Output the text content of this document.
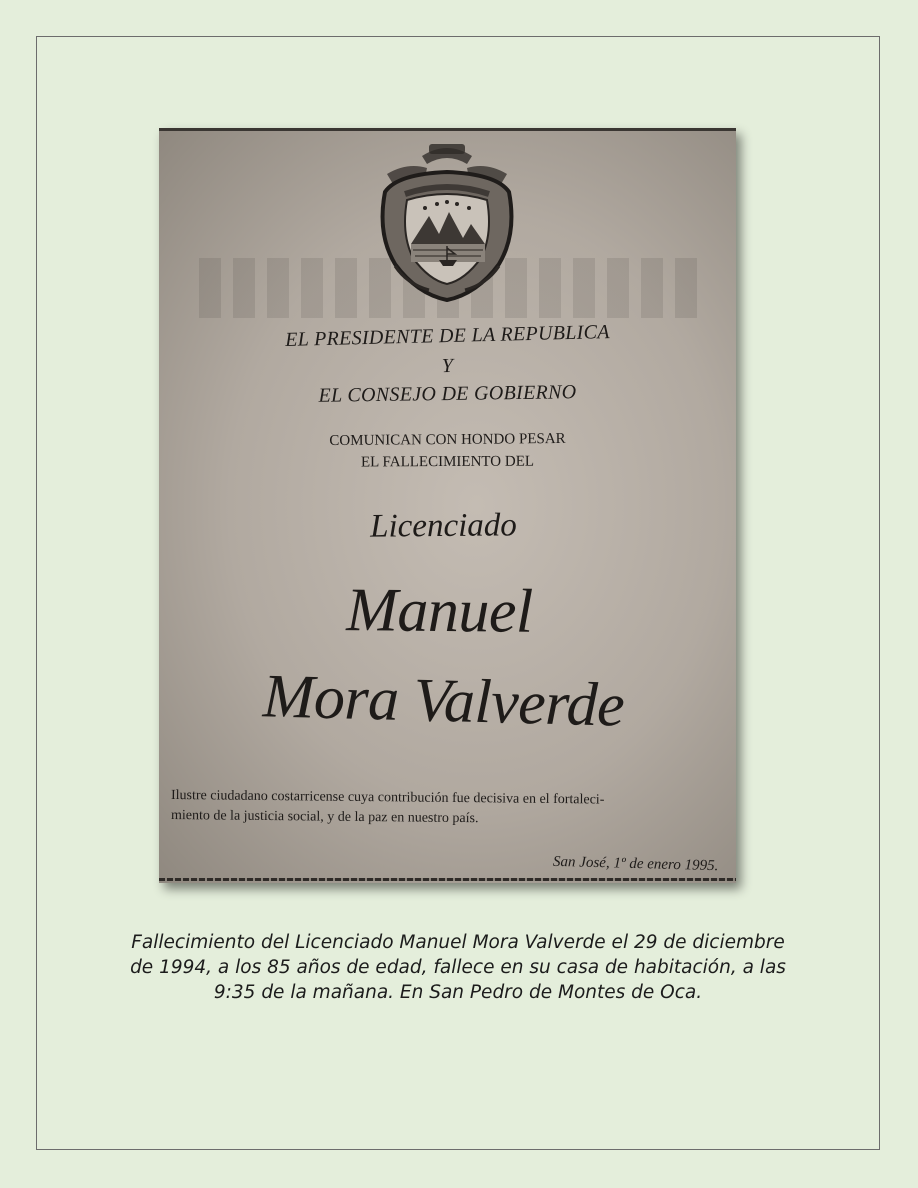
EL PRESIDENTE DE LA REPUBLICA
Y
EL CONSEJO DE GOBIERNO
COMUNICAN CON HONDO PESAR
EL FALLECIMIENTO DEL
Licenciado
Manuel
Mora Valverde
Ilustre ciudadano costarricense cuya contribución fue decisiva en el fortaleci-
miento de la justicia social, y de la paz en nuestro país.
San José, 1º de enero 1995.
Fallecimiento del Licenciado Manuel Mora Valverde el 29 de diciembre de 1994, a los 85 años de edad, fallece en su casa de habitación, a las 9:35 de la mañana. En San Pedro de Montes de Oca.
